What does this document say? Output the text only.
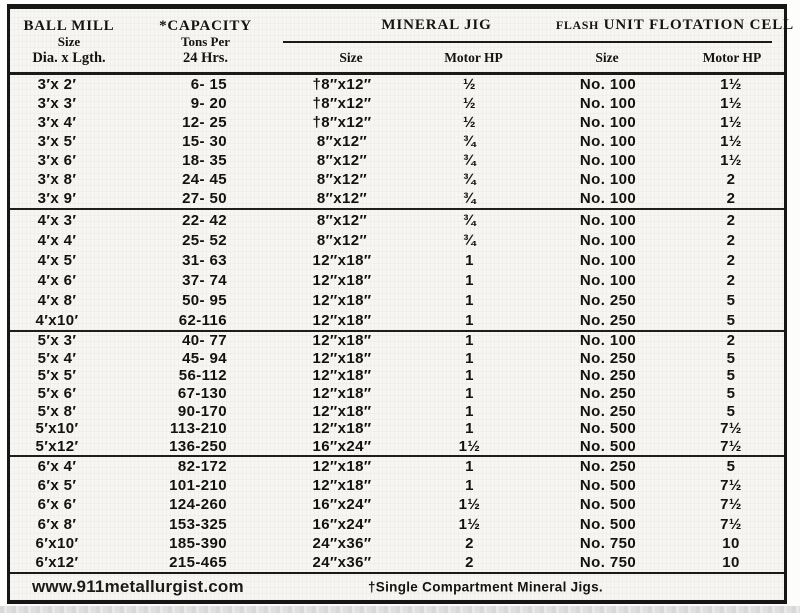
BALL MILL
Size
Dia. x Lgth.
*CAPACITY
Tons Per
24 Hrs.
MINERAL JIG	FLASH UNIT FLOTATION CELL
Size	Motor HP	Size	Motor HP
3′x 2′	6- 15	†8″x12″	½	No. 100	1½
3′x 3′	9- 20	†8″x12″	½	No. 100	1½
3′x 4′	12- 25	†8″x12″	½	No. 100	1½
3′x 5′	15- 30	8″x12″	¾	No. 100	1½
3′x 6′	18- 35	8″x12″	¾	No. 100	1½
3′x 8′	24- 45	8″x12″	¾	No. 100	2
3′x 9′	27- 50	8″x12″	¾	No. 100	2
4′x 3′	22- 42	8″x12″	¾	No. 100	2
4′x 4′	25- 52	8″x12″	¾	No. 100	2
4′x 5′	31- 63	12″x18″	1	No. 100	2
4′x 6′	37- 74	12″x18″	1	No. 100	2
4′x 8′	50- 95	12″x18″	1	No. 250	5
4′x10′	62-116	12″x18″	1	No. 250	5
5′x 3′	40- 77	12″x18″	1	No. 100	2
5′x 4′	45- 94	12″x18″	1	No. 250	5
5′x 5′	56-112	12″x18″	1	No. 250	5
5′x 6′	67-130	12″x18″	1	No. 250	5
5′x 8′	90-170	12″x18″	1	No. 250	5
5′x10′	113-210	12″x18″	1	No. 500	7½
5′x12′	136-250	16″x24″	1½	No. 500	7½
6′x 4′	82-172	12″x18″	1	No. 250	5
6′x 5′	101-210	12″x18″	1	No. 500	7½
6′x 6′	124-260	16″x24″	1½	No. 500	7½
6′x 8′	153-325	16″x24″	1½	No. 500	7½
6′x10′	185-390	24″x36″	2	No. 750	10
6′x12′	215-465	24″x36″	2	No. 750	10
www.911metallurgist.com	†Single Compartment Mineral Jigs.
